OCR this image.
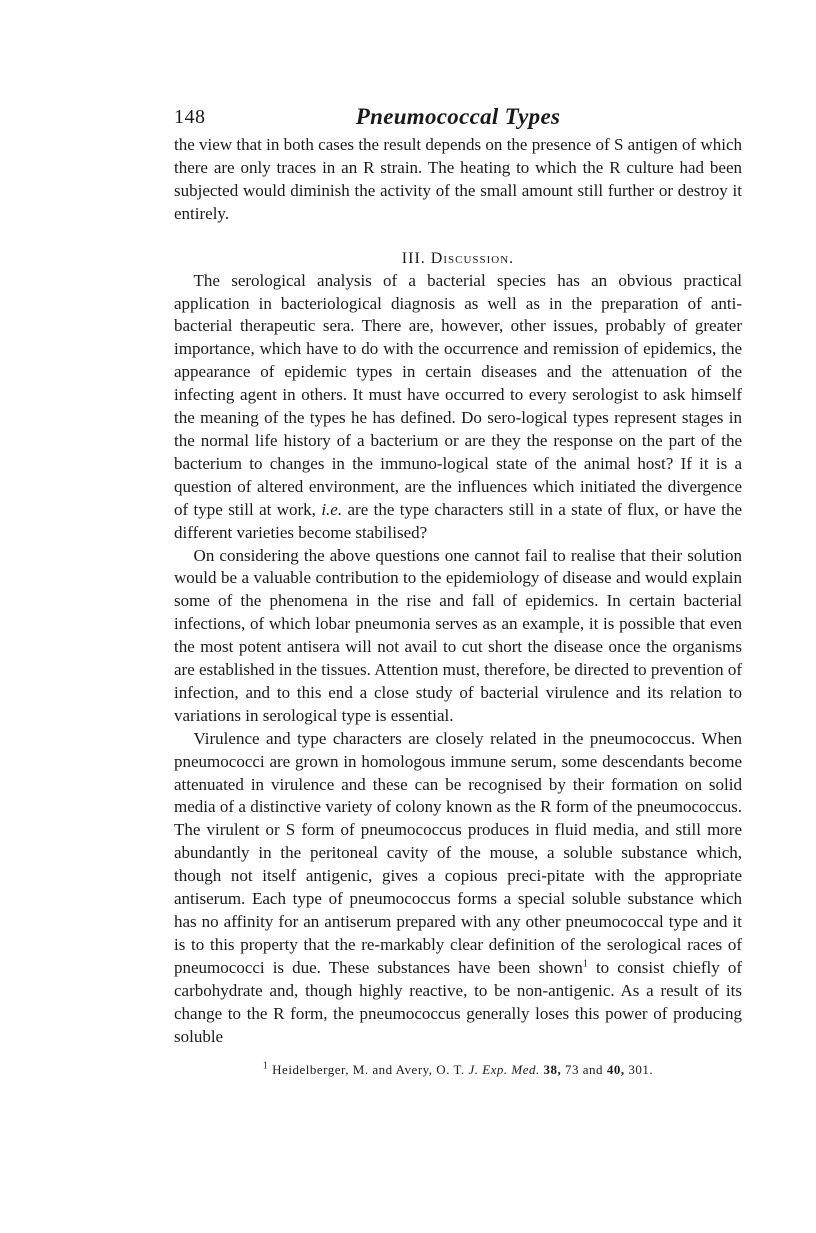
148	Pneumococcal Types

the view that in both cases the result depends on the presence of S antigen of which there are only traces in an R strain. The heating to which the R culture had been subjected would diminish the activity of the small amount still further or destroy it entirely.

III. Discussion.

The serological analysis of a bacterial species has an obvious practical application in bacteriological diagnosis as well as in the preparation of anti-bacterial therapeutic sera. There are, however, other issues, probably of greater importance, which have to do with the occurrence and remission of epidemics, the appearance of epidemic types in certain diseases and the attenuation of the infecting agent in others. It must have occurred to every serologist to ask himself the meaning of the types he has defined. Do sero-logical types represent stages in the normal life history of a bacterium or are they the response on the part of the bacterium to changes in the immuno-logical state of the animal host? If it is a question of altered environment, are the influences which initiated the divergence of type still at work, i.e. are the type characters still in a state of flux, or have the different varieties become stabilised?

On considering the above questions one cannot fail to realise that their solution would be a valuable contribution to the epidemiology of disease and would explain some of the phenomena in the rise and fall of epidemics. In certain bacterial infections, of which lobar pneumonia serves as an example, it is possible that even the most potent antisera will not avail to cut short the disease once the organisms are established in the tissues. Attention must, therefore, be directed to prevention of infection, and to this end a close study of bacterial virulence and its relation to variations in serological type is essential.

Virulence and type characters are closely related in the pneumococcus. When pneumococci are grown in homologous immune serum, some descendants become attenuated in virulence and these can be recognised by their formation on solid media of a distinctive variety of colony known as the R form of the pneumococcus. The virulent or S form of pneumococcus produces in fluid media, and still more abundantly in the peritoneal cavity of the mouse, a soluble substance which, though not itself antigenic, gives a copious preci-pitate with the appropriate antiserum. Each type of pneumococcus forms a special soluble substance which has no affinity for an antiserum prepared with any other pneumococcal type and it is to this property that the re-markably clear definition of the serological races of pneumococci is due. These substances have been shown$^1$ to consist chiefly of carbohydrate and, though highly reactive, to be non-antigenic. As a result of its change to the R form, the pneumococcus generally loses this power of producing soluble

$^1$ Heidelberger, M. and Avery, O. T. J. Exp. Med. 38, 73 and 40, 301.
